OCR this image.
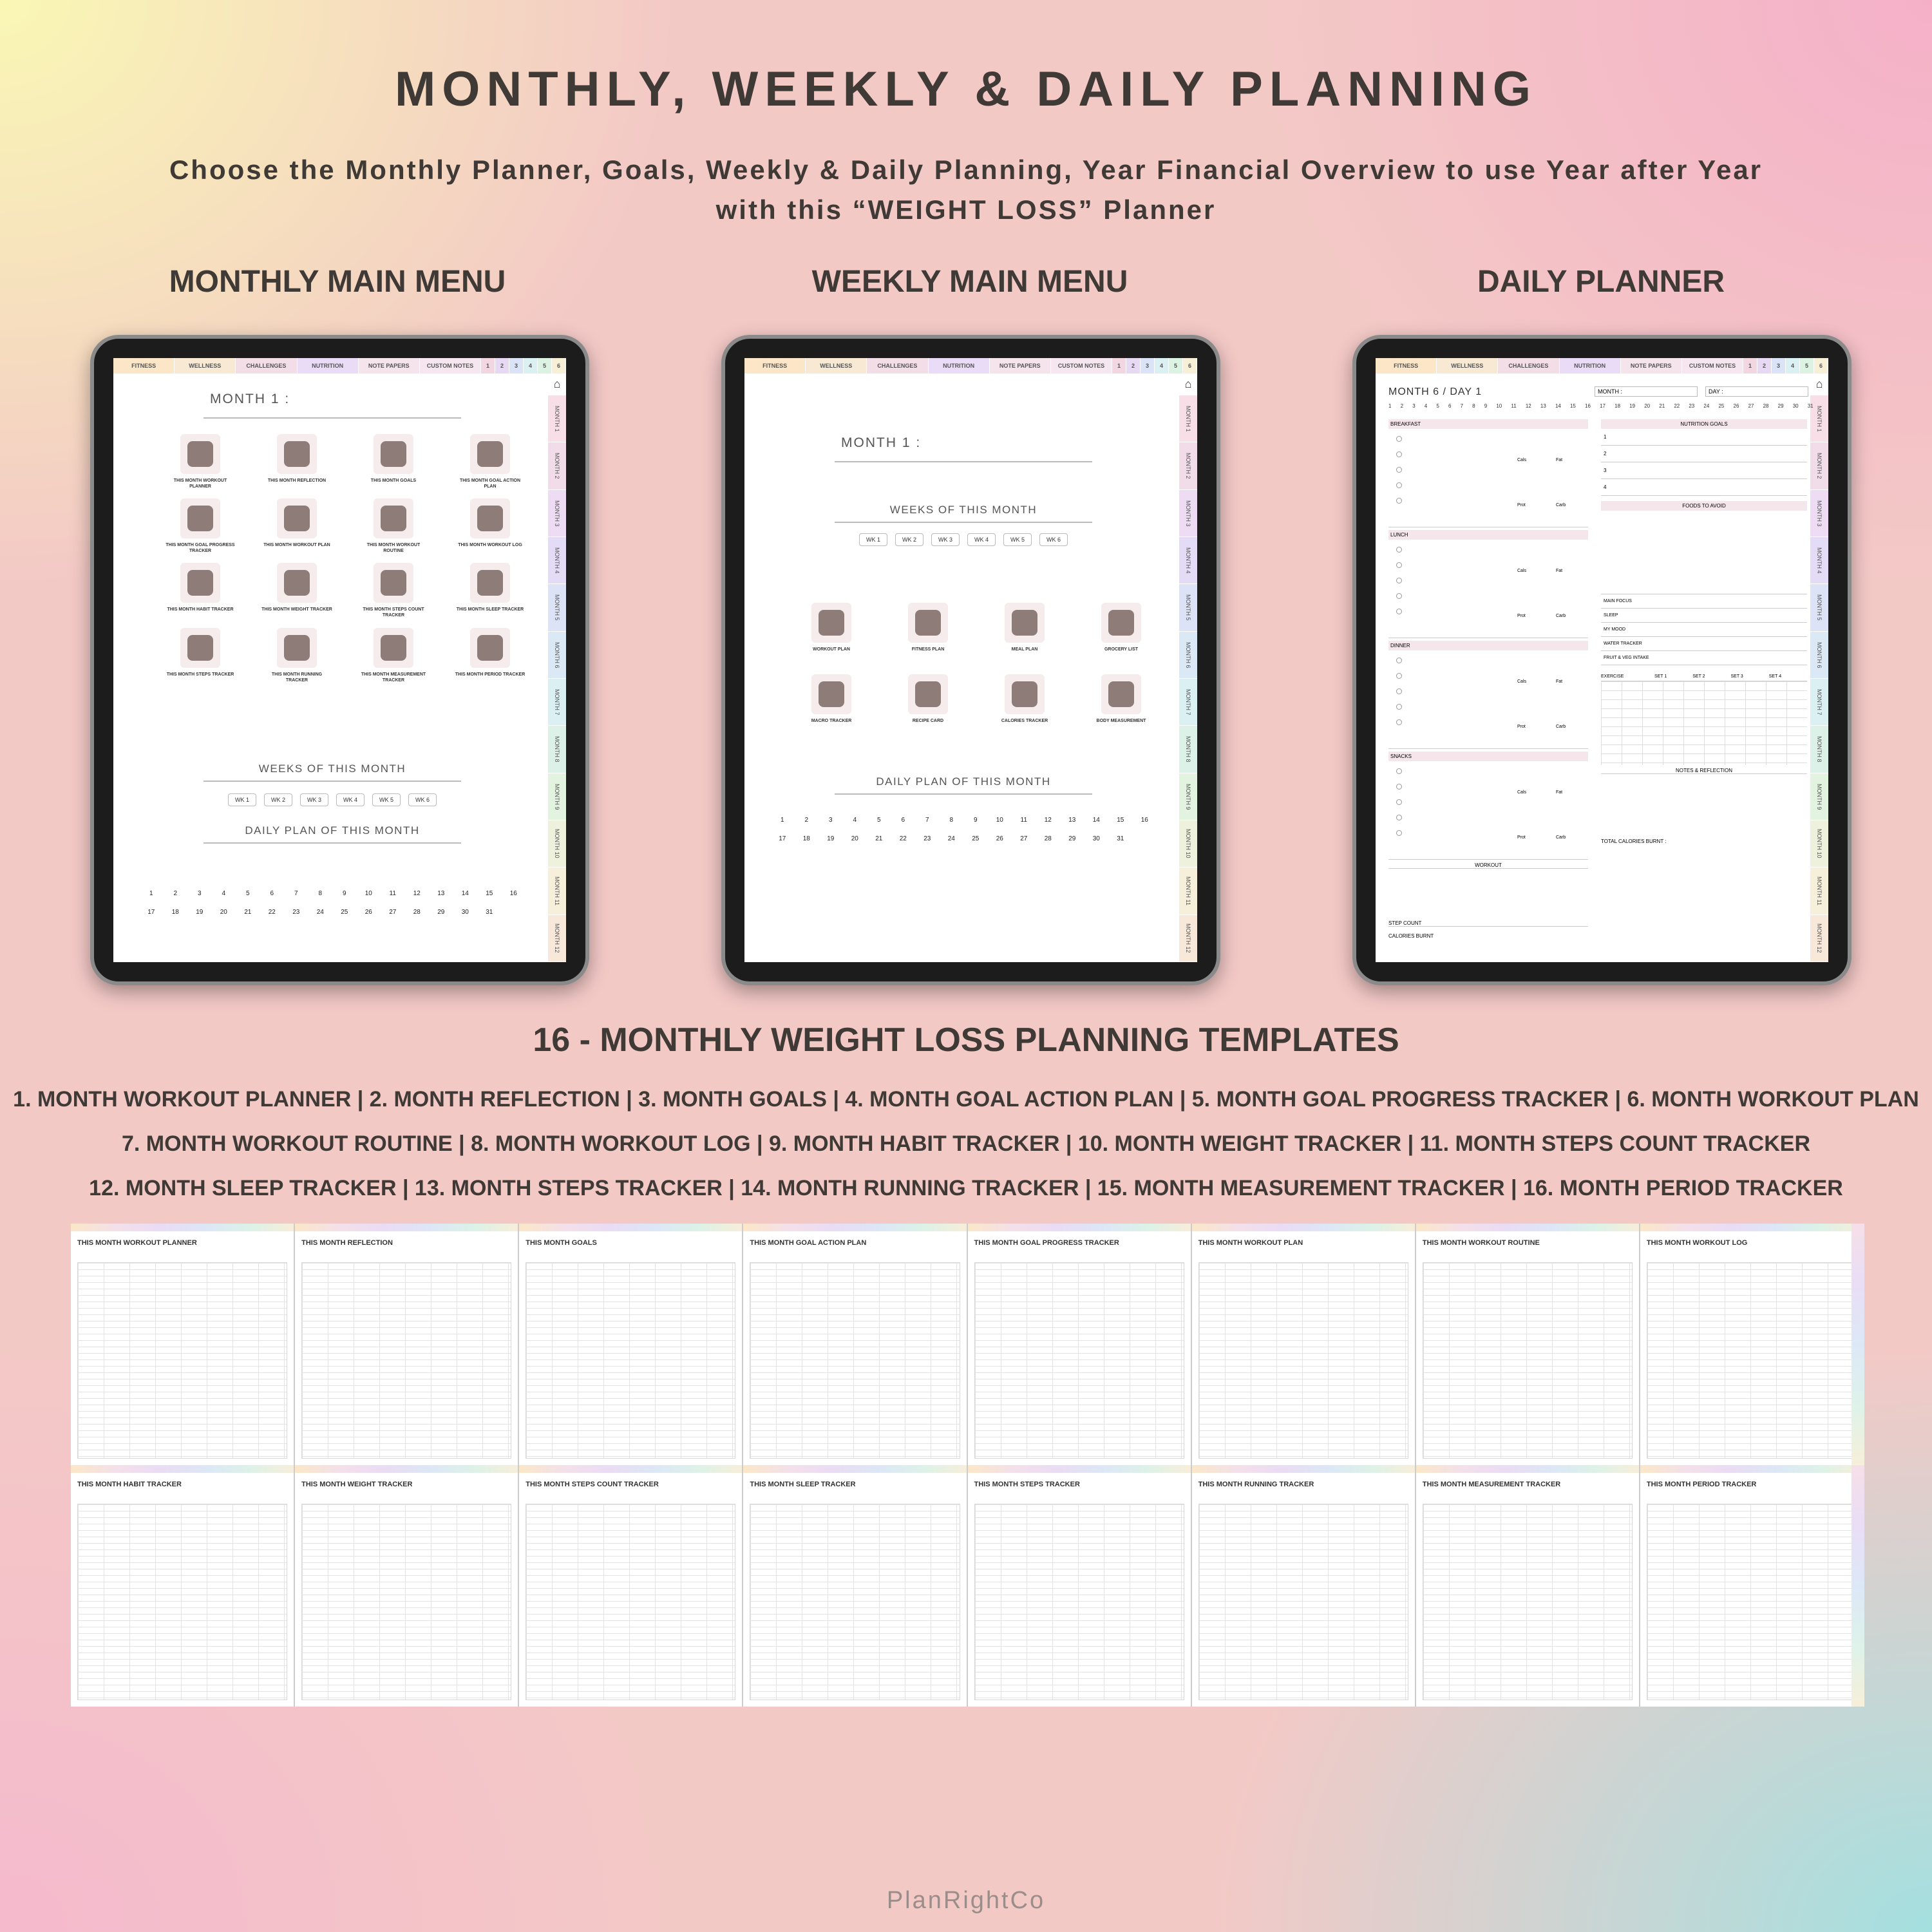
MONTHLY, WEEKLY & DAILY PLANNING
Choose the Monthly Planner, Goals, Weekly & Daily Planning, Year Financial Overview to use Year after Year
with this “WEIGHT LOSS” Planner
MONTHLY MAIN MENU	WEEKLY MAIN MENU	DAILY PLANNER
FITNESS	WELLNESS	CHALLENGES	NUTRITION	NOTE PAPERS	CUSTOM NOTES	1	2	3	4	5	6
⌂
MONTH 1
MONTH 2
MONTH 3
MONTH 4
MONTH 5
MONTH 6
MONTH 7
MONTH 8
MONTH 9
MONTH 10
MONTH 11
MONTH 12
MONTH 1 :
THIS MONTH WORKOUT PLANNER
THIS MONTH REFLECTION	THIS MONTH GOALS	THIS MONTH GOAL ACTION PLAN
THIS MONTH GOAL PROGRESS TRACKER
THIS MONTH WORKOUT PLAN	THIS MONTH WORKOUT ROUTINE
THIS MONTH WORKOUT LOG
THIS MONTH HABIT TRACKER	THIS MONTH WEIGHT TRACKER	THIS MONTH STEPS COUNT TRACKER
THIS MONTH SLEEP TRACKER
THIS MONTH STEPS TRACKER	THIS MONTH RUNNING TRACKER
THIS MONTH MEASUREMENT TRACKER
THIS MONTH PERIOD TRACKER
WEEKS OF THIS MONTH
WK 1	WK 2	WK 3	WK 4	WK 5	WK 6
DAILY PLAN OF THIS MONTH
1	2	3	4	5	6	7	8	9	10	11	12	13	14	15	16
17	18	19	20	21	22	23	24	25	26	27	28	29	30	31
FITNESS	WELLNESS	CHALLENGES	NUTRITION	NOTE PAPERS	CUSTOM NOTES	1	2	3	4	5	6
⌂
MONTH 1
MONTH 2
MONTH 3
MONTH 4
MONTH 5
MONTH 6
MONTH 7
MONTH 8
MONTH 9
MONTH 10
MONTH 11
MONTH 12
MONTH 1 :
WEEKS OF THIS MONTH
WK 1	WK 2	WK 3	WK 4	WK 5	WK 6
WORKOUT PLAN	FITNESS PLAN	MEAL PLAN	GROCERY LIST
MACRO TRACKER	RECIPE CARD	CALORIES TRACKER	BODY MEASUREMENT
DAILY PLAN OF THIS MONTH
1	2	3	4	5	6	7	8	9	10	11	12	13	14	15	16
17	18	19	20	21	22	23	24	25	26	27	28	29	30	31
FITNESS	WELLNESS	CHALLENGES	NUTRITION	NOTE PAPERS	CUSTOM NOTES	1	2	3	4	5	6
⌂
MONTH 1
MONTH 2
MONTH 3
MONTH 4
MONTH 5
MONTH 6
MONTH 7
MONTH 8
MONTH 9
MONTH 10
MONTH 11
MONTH 12
MONTH 6 / DAY 1	MONTH :	DAY :
1 2 3 4 5 6 7 8 9 10 11 12 13 14 15 16 17 18 19 20 21 22 23 24 25 26 27 28 29 30 31
BREAKFAST
Cals	Fat
Prot	Carb
LUNCH
Cals	Fat
Prot	Carb
DINNER
Cals	Fat
Prot	Carb
SNACKS
Cals	Fat
Prot	Carb
WORKOUT
STEP COUNT
CALORIES BURNT
NUTRITION GOALS
1
2
3
4
FOODS TO AVOID
MAIN FOCUS
SLEEP
MY MOOD
WATER TRACKER
FRUIT & VEG INTAKE
EXERCISE	SET 1	SET 2	SET 3	SET 4
NOTES & REFLECTION
TOTAL CALORIES BURNT :
16 - MONTHLY WEIGHT LOSS PLANNING TEMPLATES
1. MONTH WORKOUT PLANNER | 2. MONTH REFLECTION | 3. MONTH GOALS | 4. MONTH GOAL ACTION PLAN | 5. MONTH GOAL PROGRESS TRACKER | 6. MONTH WORKOUT PLAN
7. MONTH WORKOUT ROUTINE | 8. MONTH WORKOUT LOG | 9. MONTH HABIT TRACKER | 10. MONTH WEIGHT TRACKER | 11. MONTH STEPS COUNT TRACKER
12. MONTH SLEEP TRACKER | 13. MONTH STEPS TRACKER | 14. MONTH RUNNING TRACKER | 15. MONTH MEASUREMENT TRACKER | 16. MONTH PERIOD TRACKER
THIS MONTH WORKOUT PLANNER	THIS MONTH REFLECTION	THIS MONTH GOALS	THIS MONTH GOAL ACTION PLAN	THIS MONTH GOAL PROGRESS TRACKER	THIS MONTH WORKOUT PLAN	THIS MONTH WORKOUT ROUTINE	THIS MONTH WORKOUT LOG
THIS MONTH HABIT TRACKER	THIS MONTH WEIGHT TRACKER	THIS MONTH STEPS COUNT TRACKER	THIS MONTH SLEEP TRACKER	THIS MONTH STEPS TRACKER	THIS MONTH RUNNING TRACKER	THIS MONTH MEASUREMENT TRACKER	THIS MONTH PERIOD TRACKER
PlanRightCo
